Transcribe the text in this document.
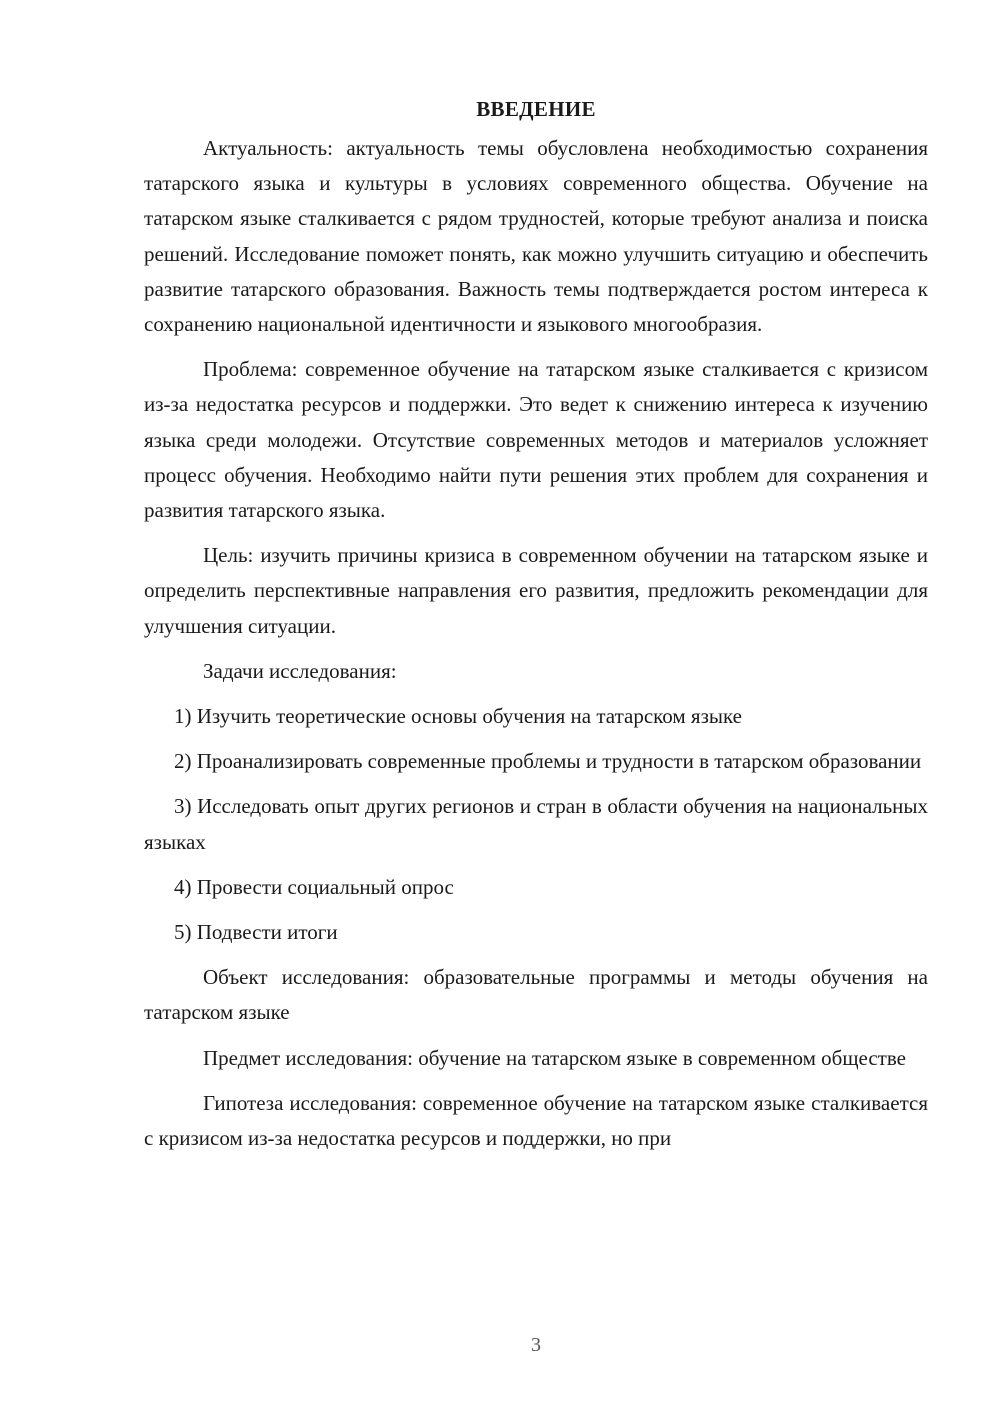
ВВЕДЕНИЕ

Актуальность: актуальность темы обусловлена необходимостью сохранения татарского языка и культуры в условиях современного общества. Обучение на татарском языке сталкивается с рядом трудностей, которые требуют анализа и поиска решений. Исследование поможет понять, как можно улучшить ситуацию и обеспечить развитие татарского образования. Важность темы подтверждается ростом интереса к сохранению национальной идентичности и языкового многообразия.

Проблема: современное обучение на татарском языке сталкивается с кризисом из-за недостатка ресурсов и поддержки. Это ведет к снижению интереса к изучению языка среди молодежи. Отсутствие современных методов и материалов усложняет процесс обучения. Необходимо найти пути решения этих проблем для сохранения и развития татарского языка.

Цель: изучить причины кризиса в современном обучении на татарском языке и определить перспективные направления его развития, предложить рекомендации для улучшения ситуации.

Задачи исследования:

1) Изучить теоретические основы обучения на татарском языке

2) Проанализировать современные проблемы и трудности в татарском образовании

3) Исследовать опыт других регионов и стран в области обучения на национальных языках

4) Провести социальный опрос

5) Подвести итоги

Объект исследования: образовательные программы и методы обучения на татарском языке

Предмет исследования: обучение на татарском языке в современном обществе

Гипотеза исследования: современное обучение на татарском языке сталкивается с кризисом из-за недостатка ресурсов и поддержки, но при

3
